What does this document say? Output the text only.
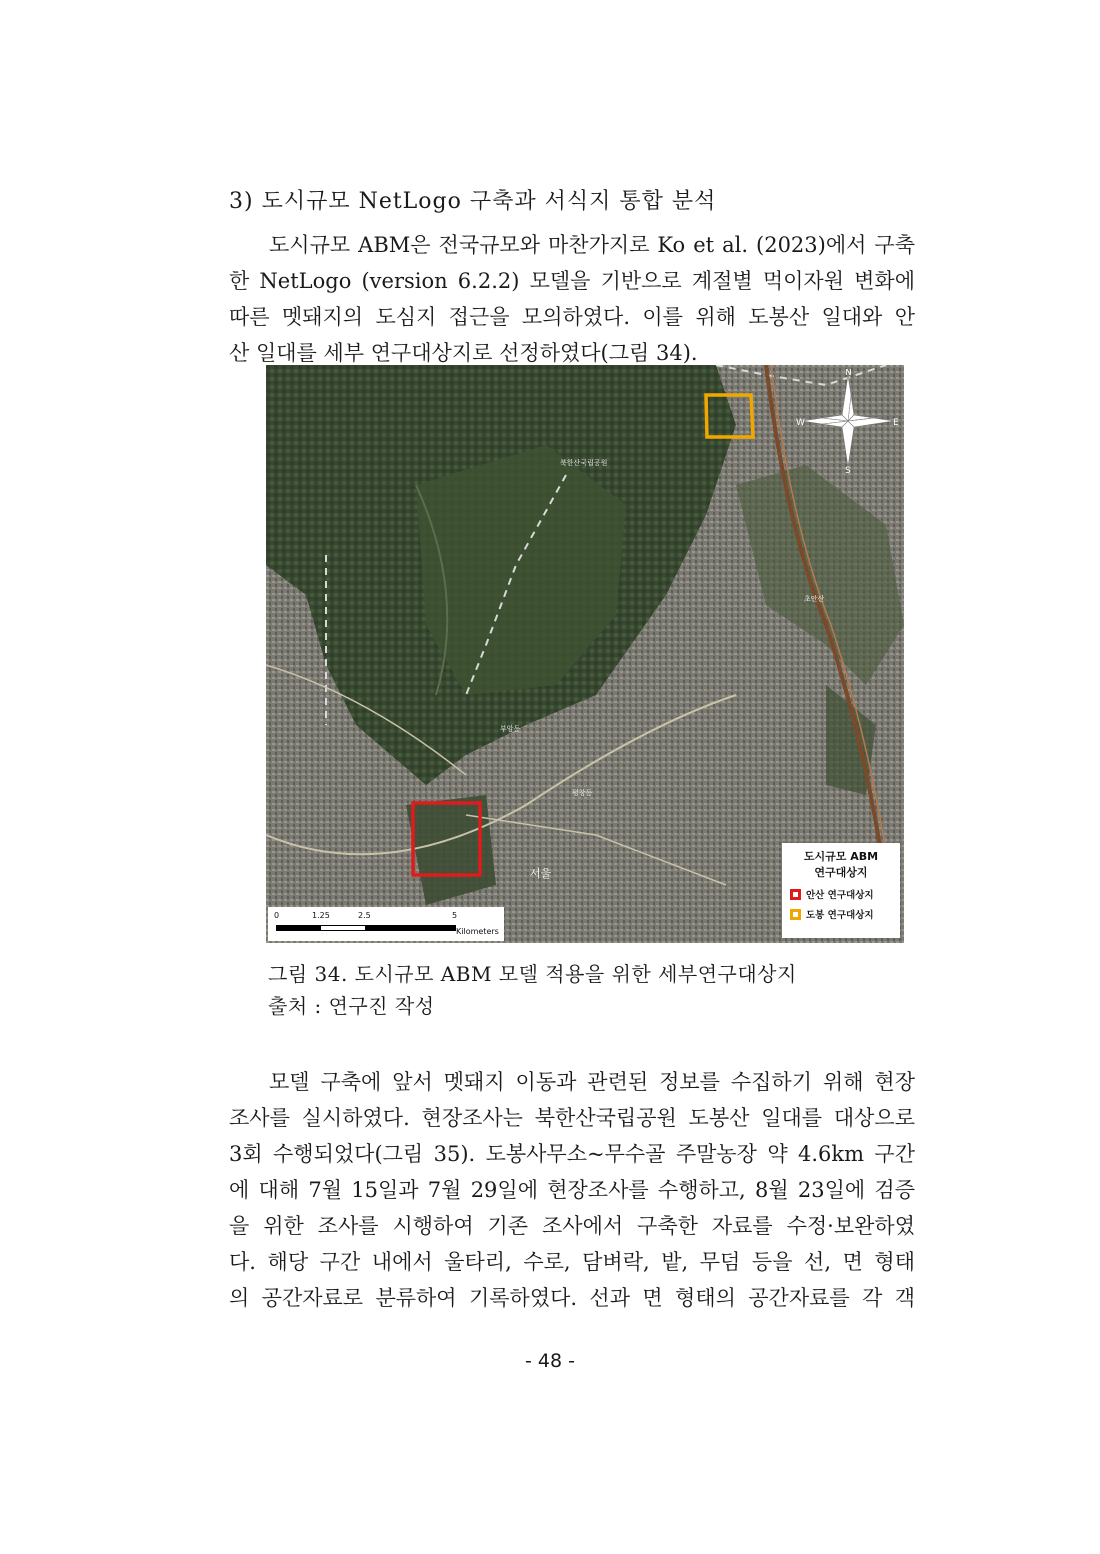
3) 도시규모 NetLogo 구축과 서식지 통합 분석
도시규모 ABM은 전국규모와 마찬가지로 Ko et al. (2023)에서 구축
한 NetLogo (version 6.2.2) 모델을 기반으로 계절별 먹이자원 변화에
따른 멧돼지의 도심지 접근을 모의하였다. 이를 위해 도봉산 일대와 안
산 일대를 세부 연구대상지로 선정하였다(그림 34).
서울
북한산국립공원
부암동
초안산
평창동
N
S
W	E
도시규모 ABM
연구대상지
안산 연구대상지
도봉 연구대상지
0	1.25	2.5	5
Kilometers
그림 34. 도시규모 ABM 모델 적용을 위한 세부연구대상지
출처 : 연구진 작성
모델 구축에 앞서 멧돼지 이동과 관련된 정보를 수집하기 위해 현장
조사를 실시하였다. 현장조사는 북한산국립공원 도봉산 일대를 대상으로
3회 수행되었다(그림 35). 도봉사무소~무수골 주말농장 약 4.6km 구간
에 대해 7월 15일과 7월 29일에 현장조사를 수행하고, 8월 23일에 검증
을 위한 조사를 시행하여 기존 조사에서 구축한 자료를 수정·보완하였
다. 해당 구간 내에서 울타리, 수로, 담벼락, 밭, 무덤 등을 선, 면 형태
의 공간자료로 분류하여 기록하였다. 선과 면 형태의 공간자료를 각 객
- 48 -
